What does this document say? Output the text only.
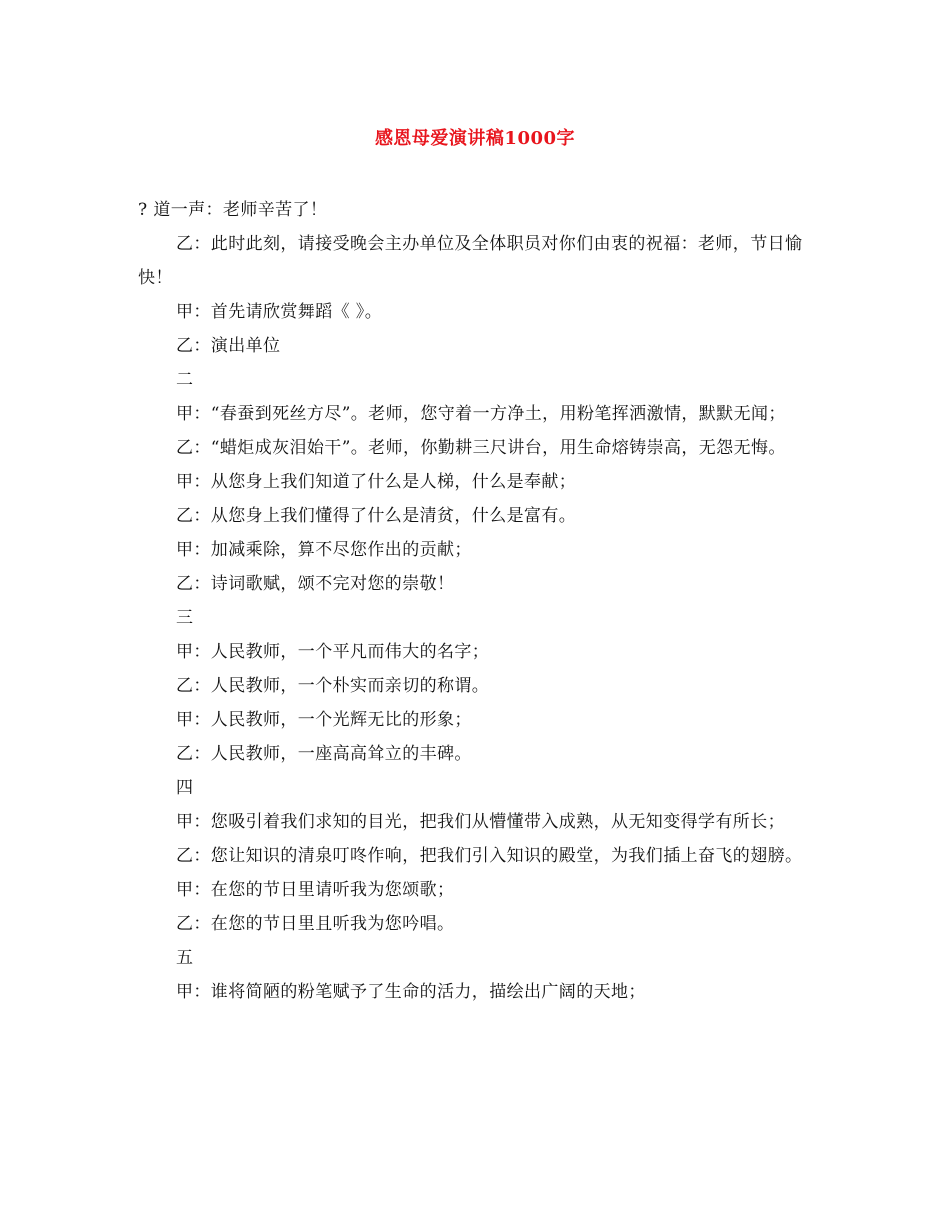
感恩母爱演讲稿1000字

? 道一声：老师辛苦了！

乙：此时此刻，请接受晚会主办单位及全体职员对你们由衷的祝福：老师，节日愉快！

甲：首先请欣赏舞蹈《 》。

乙：演出单位

二

甲：“春蚕到死丝方尽”。老师，您守着一方净土，用粉笔挥洒激情，默默无闻；

乙：“蜡炬成灰泪始干”。老师，你勤耕三尺讲台，用生命熔铸崇高，无怨无悔。

甲：从您身上我们知道了什么是人梯，什么是奉献；

乙：从您身上我们懂得了什么是清贫，什么是富有。

甲：加减乘除，算不尽您作出的贡献；

乙：诗词歌赋，颂不完对您的崇敬！

三

甲：人民教师，一个平凡而伟大的名字；

乙：人民教师，一个朴实而亲切的称谓。

甲：人民教师，一个光辉无比的形象；

乙：人民教师，一座高高耸立的丰碑。

四

甲：您吸引着我们求知的目光，把我们从懵懂带入成熟，从无知变得学有所长；

乙：您让知识的清泉叮咚作响，把我们引入知识的殿堂，为我们插上奋飞的翅膀。

甲：在您的节日里请听我为您颂歌；

乙：在您的节日里且听我为您吟唱。

五

甲：谁将简陋的粉笔赋予了生命的活力，描绘出广阔的天地；
